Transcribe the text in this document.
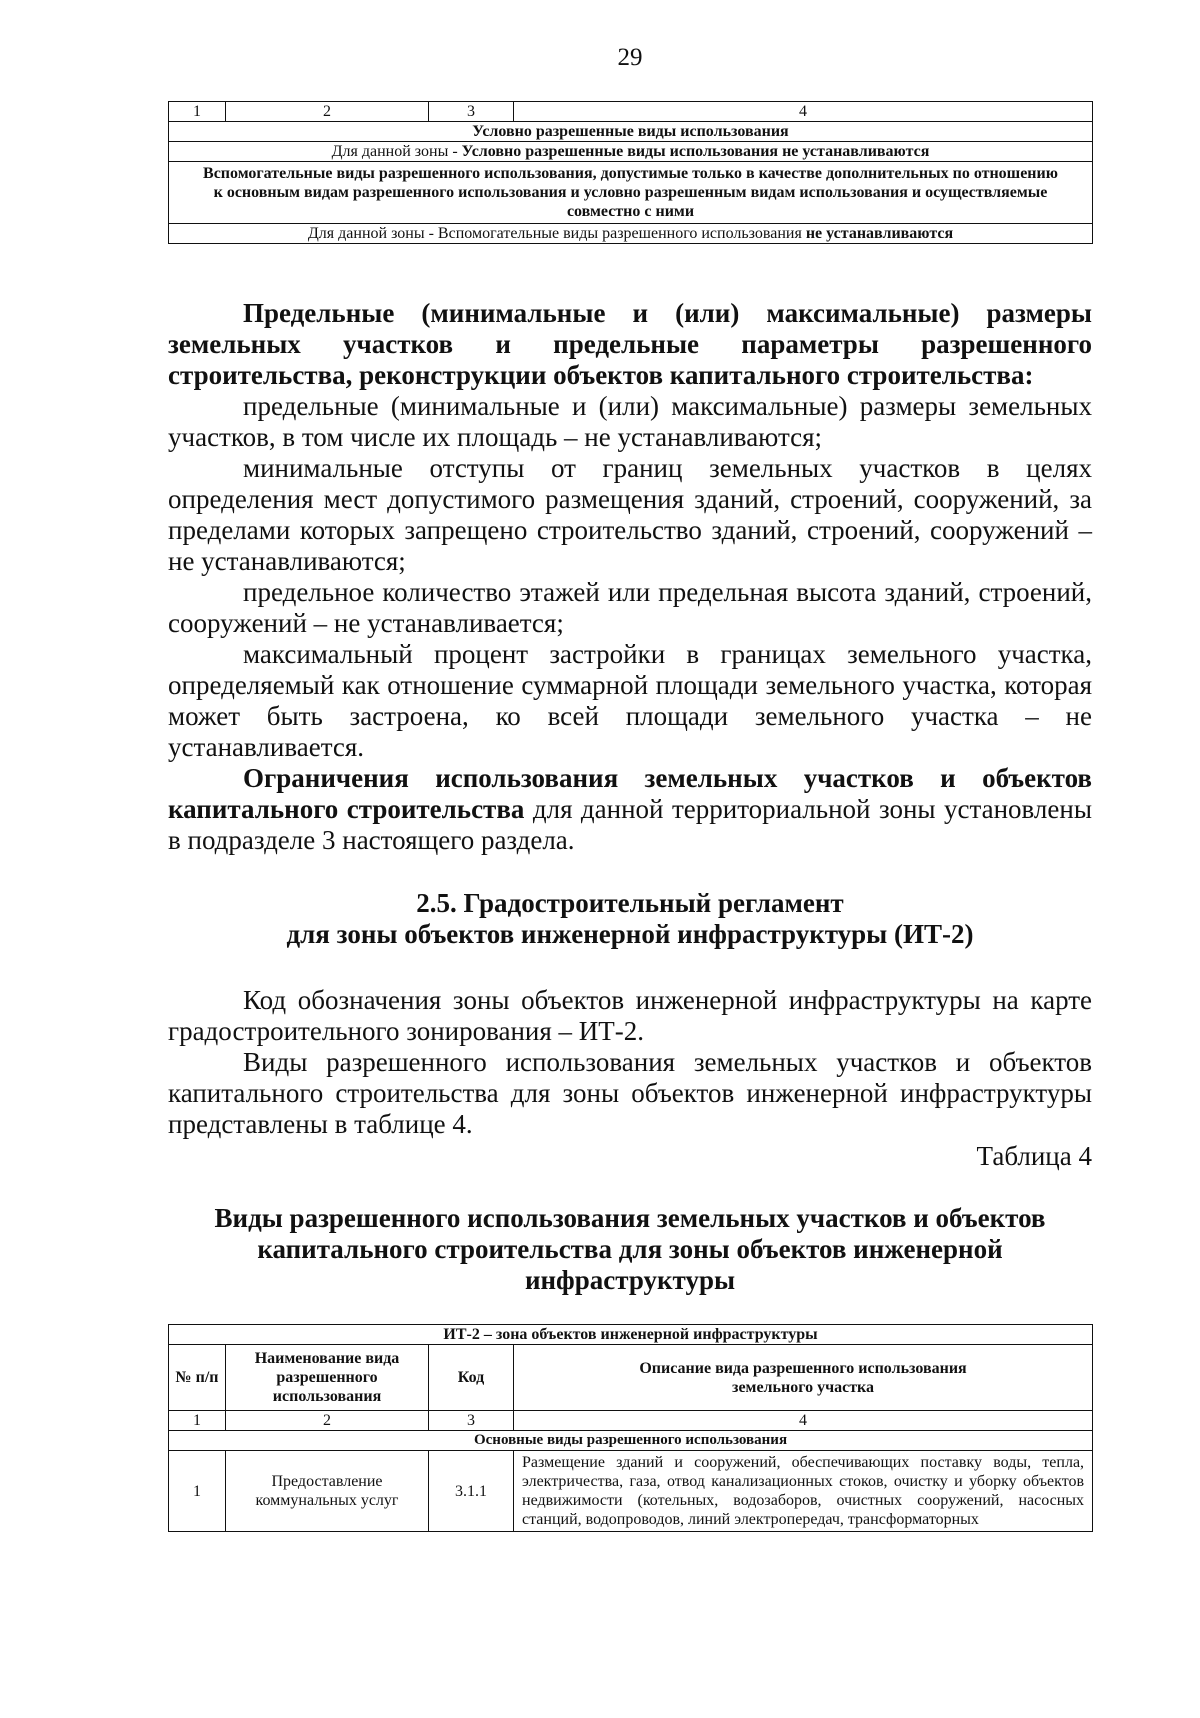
29
1	2	3	4
Условно разрешенные виды использования
Для данной зоны - Условно разрешенные виды использования не устанавливаются
Вспомогательные виды разрешенного использования, допустимые только в качестве дополнительных по отношению к основным видам разрешенного использования и условно разрешенным видам использования и осуществляемые совместно с ними
Для данной зоны - Вспомогательные виды разрешенного использования не устанавливаются

Предельные (минимальные и (или) максимальные) размеры земельных участков и предельные параметры разрешенного строительства, реконструкции объектов капитального строительства:

предельные (минимальные и (или) максимальные) размеры земельных участков, в том числе их площадь – не устанавливаются;

минимальные отступы от границ земельных участков в целях определения мест допустимого размещения зданий, строений, сооружений, за пределами которых запрещено строительство зданий, строений, сооружений – не устанавливаются;

предельное количество этажей или предельная высота зданий, строений, сооружений – не устанавливается;

максимальный процент застройки в границах земельного участка, определяемый как отношение суммарной площади земельного участка, которая может быть застроена, ко всей площади земельного участка – не устанавливается.

Ограничения использования земельных участков и объектов капитального строительства для данной территориальной зоны установлены в подразделе 3 настоящего раздела.

2.5. Градостроительный регламент

для зоны объектов инженерной инфраструктуры (ИТ-2)

Код обозначения зоны объектов инженерной инфраструктуры на карте градостроительного зонирования – ИТ-2.

Виды разрешенного использования земельных участков и объектов капитального строительства для зоны объектов инженерной инфраструктуры представлены в таблице 4.

Таблица 4

Виды разрешенного использования земельных участков и объектов

капитального строительства для зоны объектов инженерной

инфраструктуры

ИТ-2 – зона объектов инженерной инфраструктуры			
№ п/п	Наименование вида разрешенного использования	Код	Описание вида разрешенного использования земельного участка
1	2	3	4
Основные виды разрешенного использования			
1	Предоставление коммунальных услуг	3.1.1	Размещение зданий и сооружений, обеспечивающих поставку воды, тепла, электричества, газа, отвод канализационных стоков, очистку и уборку объектов недвижимости (котельных, водозаборов, очистных сооружений, насосных станций, водопроводов, линий электропередач, трансформаторных
